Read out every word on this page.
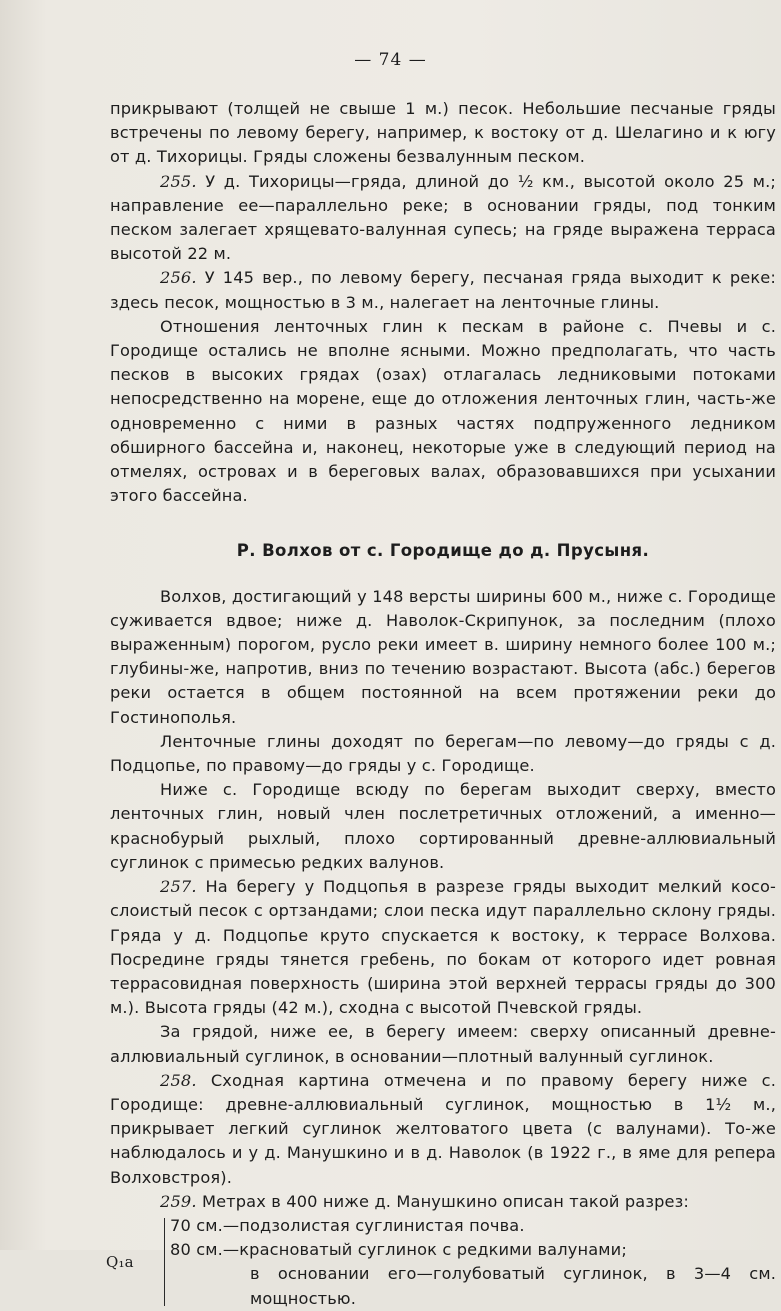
— 74 —

прикрывают (толщей не свыше 1 м.) песок. Небольшие песчаные гряды встречены по левому берегу, например, к востоку от д. Шелагино и к югу от д. Тихорицы. Гряды сложены безвалунным песком.

255. У д. Тихорицы—гряда, длиной до ½ км., высотой около 25 м.; направление ее—параллельно реке; в основании гряды, под тонким песком залегает хрящевато-валунная супесь; на гряде выражена терраса высотой 22 м.

256. У 145 вер., по левому берегу, песчаная гряда выходит к реке: здесь песок, мощностью в 3 м., налегает на ленточные глины.

Отношения ленточных глин к пескам в районе с. Пчевы и с. Городище остались не вполне ясными. Можно предполагать, что часть песков в высоких грядах (озах) отлагалась ледниковыми потоками непосредственно на морене, еще до отложения ленточных глин, часть-же одновременно с ними в разных частях подпруженного ледником обширного бассейна и, наконец, некоторые уже в следующий период на отмелях, островах и в береговых валах, образовавшихся при усыхании этого бассейна.

Р. Волхов от с. Городище до д. Прусыня.

Волхов, достигающий у 148 версты ширины 600 м., ниже с. Городище суживается вдвое; ниже д. Наволок-Скрипунок, за последним (плохо выраженным) порогом, русло реки имеет в. ширину немного более 100 м.; глубины-же, напротив, вниз по течению возрастают. Высота (абс.) берегов реки остается в общем постоянной на всем протяжении реки до Гостинополья.

Ленточные глины доходят по берегам—по левому—до гряды с д. Подцопье, по правому—до гряды у с. Городище.

Ниже с. Городище всюду по берегам выходит сверху, вместо ленточных глин, новый член послетретичных отложений, а именно—краснобурый рыхлый, плохо сортированный древне-аллювиальный суглинок с примесью редких валунов.

257. На берегу у Подцопья в разрезе гряды выходит мелкий косо-слоистый песок с ортзандами; слои песка идут параллельно склону гряды. Гряда у д. Подцопье круто спускается к востоку, к террасе Волхова. Посредине гряды тянется гребень, по бокам от которого идет ровная террасовидная поверхность (ширина этой верхней террасы гряды до 300 м.). Высота гряды (42 м.), сходна с высотой Пчевской гряды.

За грядой, ниже ее, в берегу имеем: сверху описанный древне-аллювиальный суглинок, в основании—плотный валунный суглинок.

258. Сходная картина отмечена и по правому берегу ниже с. Городище: древне-аллювиальный суглинок, мощностью в 1½ м., прикрывает легкий суглинок желтоватого цвета (с валунами). То-же наблюдалось и у д. Манушкино и в д. Наволок (в 1922 г., в яме для репера Волховстроя).

259. Метрах в 400 ниже д. Манушкино описан такой разрез:

Q₁a
70 см.—подзолистая суглинистая почва.
80 см.—красноватый суглинок с редкими валунами;
в основании его—голубоватый суглинок, в 3—4 см. мощностью.
